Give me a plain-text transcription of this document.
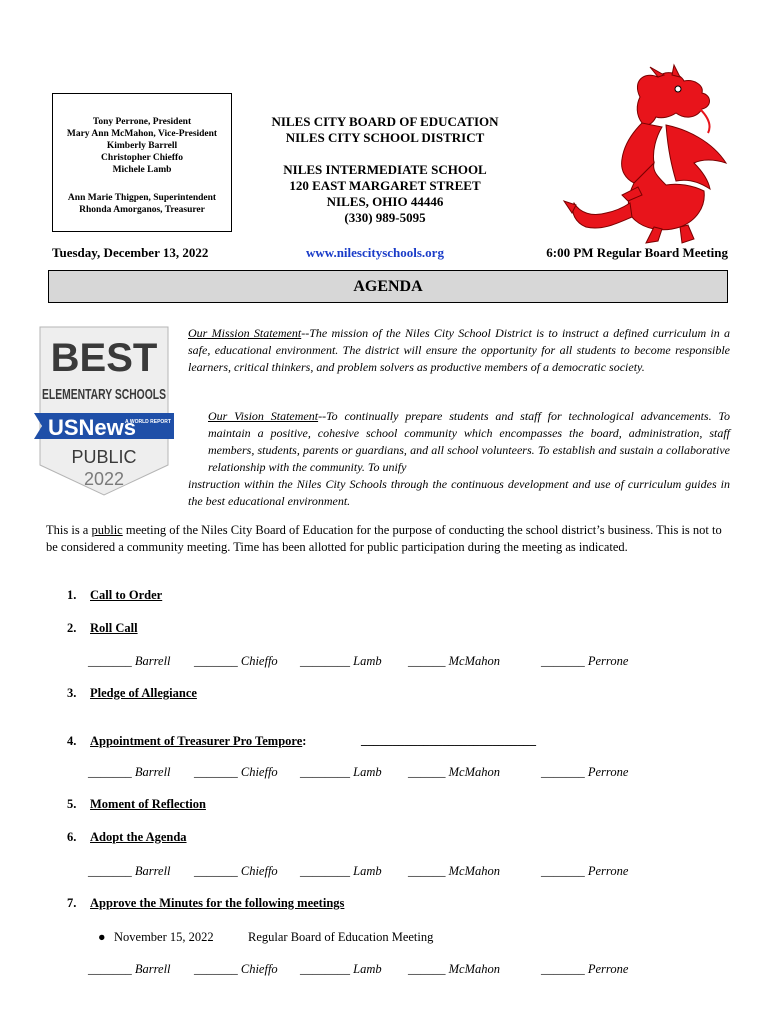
Tony Perrone, President
Mary Ann McMahon, Vice-President
Kimberly Barrell
Christopher Chieffo
Michele Lamb
Ann Marie Thigpen, Superintendent
Rhonda Amorganos, Treasurer
NILES CITY BOARD OF EDUCATION
NILES CITY SCHOOL DISTRICT
NILES INTERMEDIATE SCHOOL
120 EAST MARGARET STREET
NILES, OHIO 44446
(330) 989-5095
Tuesday, December 13, 2022	www.nilescityschools.org	6:00 PM Regular Board Meeting
AGENDA
BEST
ELEMENTARY SCHOOLS
USNews
A WORLD REPORT
PUBLIC
2022
Our Mission Statement--The mission of the Niles City School District is to instruct a defined curriculum in a safe, educational environment. The district will ensure the opportunity for all students to become responsible learners, critical thinkers, and problem solvers as productive members of a democratic society.
Our Vision Statement--To continually prepare students and staff for technological advancements. To maintain a positive, cohesive school community which encompasses the board, administration, staff members, students, parents or guardians, and all school volunteers. To establish and sustain a collaborative relationship with the community. To unify
instruction within the Niles City Schools through the continuous development and use of curriculum guides in the best educational environment.
This is a public meeting of the Niles City Board of Education for the purpose of conducting the school district’s business. This is not to be considered a community meeting. Time has been allotted for public participation during the meeting as indicated.
1. Call to Order
2. Roll Call
_______ Barrell _______ Chieffo ________ Lamb ______ McMahon	_______ Perrone
3. Pledge of Allegiance
4. Appointment of Treasurer Pro Tempore:	____________________________
_______ Barrell _______ Chieffo ________ Lamb ______ McMahon	_______ Perrone
5. Moment of Reflection
6. Adopt the Agenda
_______ Barrell _______ Chieffo ________ Lamb ______ McMahon	_______ Perrone
7. Approve the Minutes for the following meetings
● November 15, 2022	Regular Board of Education Meeting
_______ Barrell _______ Chieffo ________ Lamb ______ McMahon	_______ Perrone
